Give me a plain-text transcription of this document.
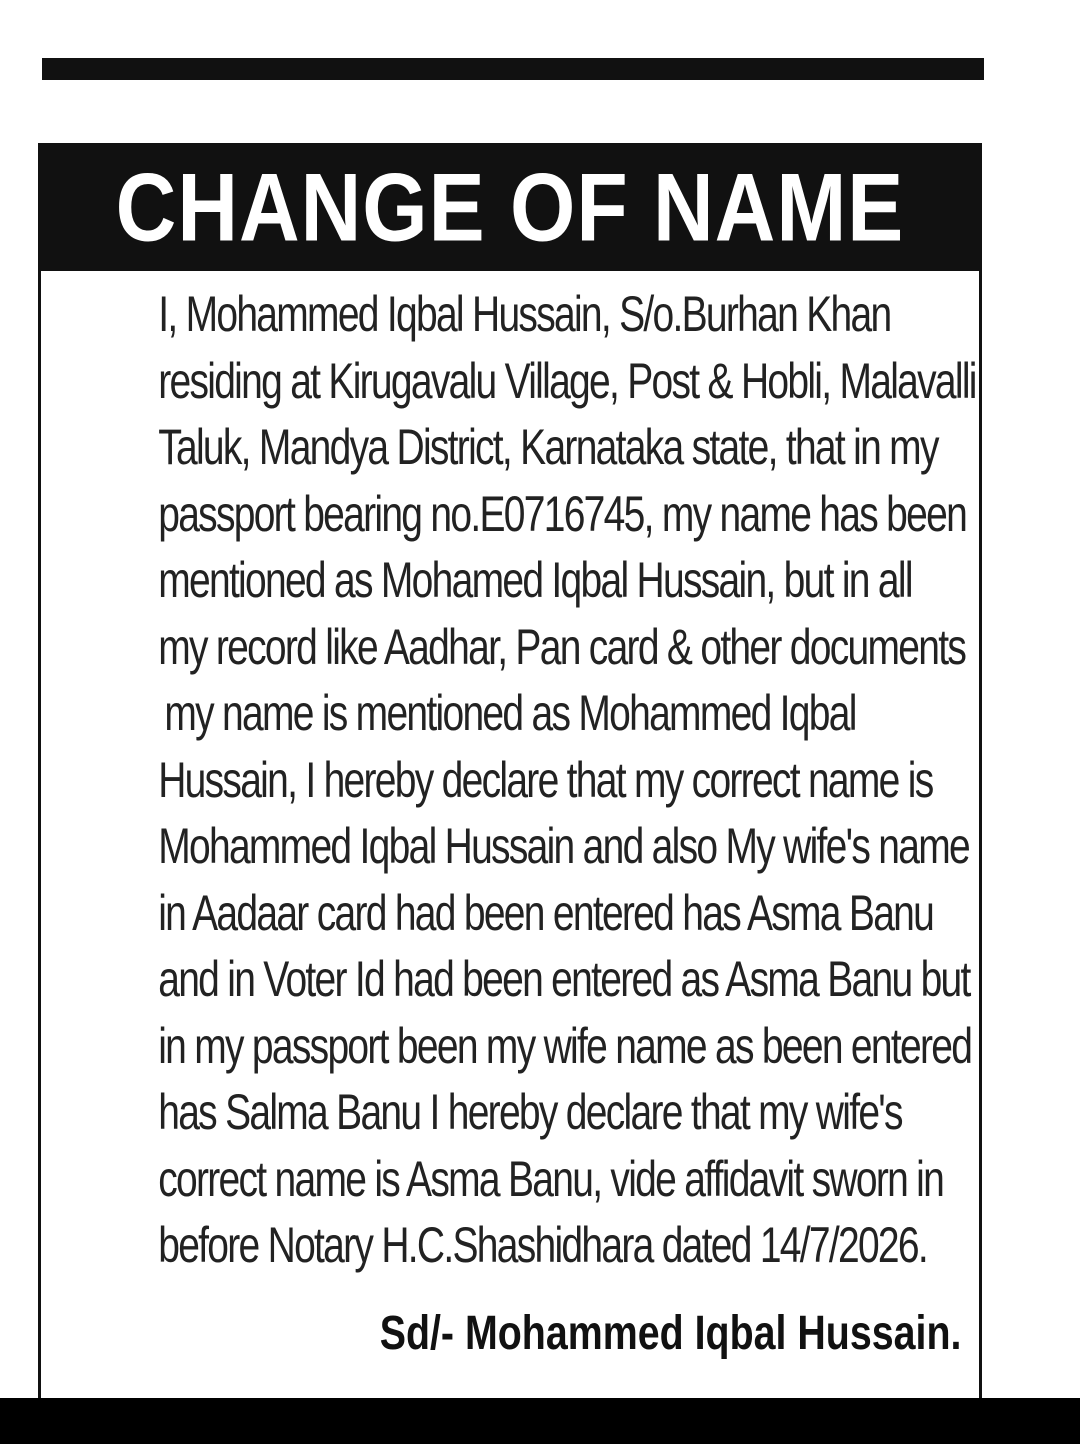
CHANGE OF NAME
I, Mohammed Iqbal Hussain, S/o.Burhan Khan
residing at Kirugavalu Village, Post & Hobli, Malavalli
Taluk, Mandya District, Karnataka state, that in my
passport bearing no.E0716745, my name has been
mentioned as Mohamed Iqbal Hussain, but in all
my record like Aadhar, Pan card & other documents
my name is mentioned as Mohammed Iqbal
Hussain, I hereby declare that my correct name is
Mohammed Iqbal Hussain and also My wife's name
in Aadaar card had been entered has Asma Banu
and in Voter Id had been entered as Asma Banu but
in my passport been my wife name as been entered
has Salma Banu I hereby declare that my wife's
correct name is Asma Banu, vide affidavit sworn in
before Notary H.C.Shashidhara dated 14/7/2026.
Sd/- Mohammed Iqbal Hussain.
